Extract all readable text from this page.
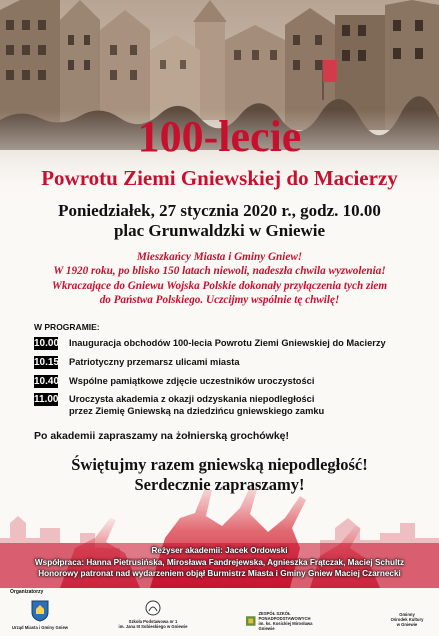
100-lecie
Powrotu Ziemi Gniewskiej do Macierzy
Poniedziałek, 27 stycznia 2020 r., godz. 10.00
plac Grunwaldzki w Gniewie
Mieszkańcy Miasta i Gminy Gniew!
W 1920 roku, po blisko 150 latach niewoli, nadeszła chwila wyzwolenia!
Wkraczające do Gniewu Wojska Polskie dokonały przyłączenia tych ziem
do Państwa Polskiego. Uczcijmy wspólnie tę chwilę!
W PROGRAMIE:
10.00 Inauguracja obchodów 100-lecia Powrotu Ziemi Gniewskiej do Macierzy
10.15 Patriotyczny przemarsz ulicami miasta
10.40 Wspólne pamiątkowe zdjęcie uczestników uroczystości
11.00 Uroczysta akademia z okazji odzyskania niepodległości
przez Ziemię Gniewską na dziedzińcu gniewskiego zamku
Po akademii zapraszamy na żołnierską grochówkę!
Świętujmy razem gniewską niepodległość!
Serdecznie zapraszamy!
Reżyser akademii: Jacek Ordowski
Współpraca: Hanna Pietrusińska, Mirosława Fandrejewska, Agnieszka Frątczak, Maciej Schultz
Honorowy patronat nad wydarzeniem objął Burmistrz Miasta i Gminy Gniew Maciej Czarnecki
Organizatorzy
Urząd Miasta i Gminy Gniew
Szkoła Podstawowa nr 1
im. Jana III Sobieskiego w Gniewie
ZESPÓŁ SZKÓŁ PONADPODSTAWOWYCH
im. ks. Kosickiej Mirosława Gniewie
Gminny
Ośrodek Kultury
w Gniewie
